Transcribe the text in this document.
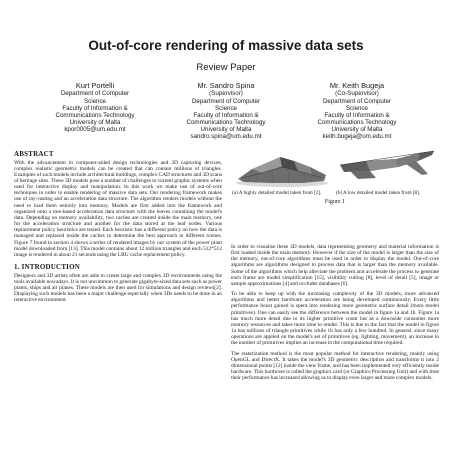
Out-of-core rendering of massive data sets
Review Paper
Kurt Portelli
Department of Computer
Science
Faculty of Information &
Communications Technology
University of Malta
kpor0005@um.edu.mt
Mr. Sandro Spina
(Supervisor)
Department of Computer
Science
Faculty of Information &
Communications Technology
University of Malta
sandro.spina@um.edu.mt
Mr. Keith Bugeja
(Co-Supervisor)
Department of Computer
Science
Faculty of Information &
Communications Technology
University of Malta
keith.bugeja@um.edu.mt
ABSTRACT

With the advancement in computer-aided design technologies and 3D capturing devices, complex realistic geometric models can be created that can contain millions of triangles. Examples of such models include architectural buildings, complex CAD structures and 3D scans of heritage sites. These 3D models pose a number of challenges to current graphic systems when used for interactive display and manipulation. In this work we make use of out-of-core techniques in order to enable rendering of massive data sets. Our rendering framework makes use of ray-casting and an acceleration data structure. The algorithm renders models without the need to load them entirely into memory. Models are first added into the framework and organized onto a tree-based acceleration data structure with the leaves containing the model's data. Depending on memory availability, two caches are created inside the main memory, one for the acceleration structure and another for the data stored at the leaf nodes. Various replacement policy heuristics are tested. Each heuristic has a different policy on how the data is managed and replaced inside the caches to determine the best approach in different scenes. Figure 7 found in section 4 shows a series of rendered images by our system of the power plant model downloaded from [13]. This model contains about 12 million triangles and each 512*512 image is rendered in about 21 seconds using the LRU cache replacement policy.

1. INTRODUCTION

Designers and 3D artists often are able to create large and complex 3D environments using the tools available nowadays. It is not uncommon to generate gigabyte-sized data sets such as power plants, ships and air planes. These models are then used for simulations and design reviews[2]. Displaying such models has been a major challenge especially when 3Ds needs to be done in an interactive environment.

(a) A highly detailed model taken from [2].	(b) A low detailed model taken from [8].
Figure 1

In order to visualise these 3D models, data representing geometry and material information is first loaded inside the main memory. However if the size of the model is larger than the size of the memory, out-of-core algorithms must be used in order to display the model. Out-of-core algorithms are algorithms designed to process data that is larger than the memory available. Some of the algorithms which help alleviate the problem and accelerate the process to generate each frame are model simplification [15], visibility culling [8], level of detail [5], image or sample approximations [4] and occluder databases [6].

To be able to keep up with the increasing complexity of the 3D models, more advanced algorithms and better hardware acceleration are being developed continuously. Every little performance boost gained is spent into rendering more geometric surface detail (more model primitives). One can easily see the difference between the model in figure 1a and 1b. Figure 1a has much more detail due to its higher primitive count but as a downside consumes more memory resources and takes more time to render. This is due to the fact that the model in figure 1a has millions of triangle primitives while 1b has only a few hundred. In general, since many operations are applied on the model's set of primitives (eg. lighting, movement), an increase in the number of primitives implies an increase in the computational time required.

The rasterization method is the most popular method for interactive rendering, mainly using OpenGL and DirectX. It takes the model's 3D geometric description and transforms it into 2 dimensional points [12] inside the view frame, and has been implemented very efficiently inside hardware. This hardware is called the graphics card (or Graphics Processing Unit) and with time their performance has increased allowing us to display even larger and more complex models.
